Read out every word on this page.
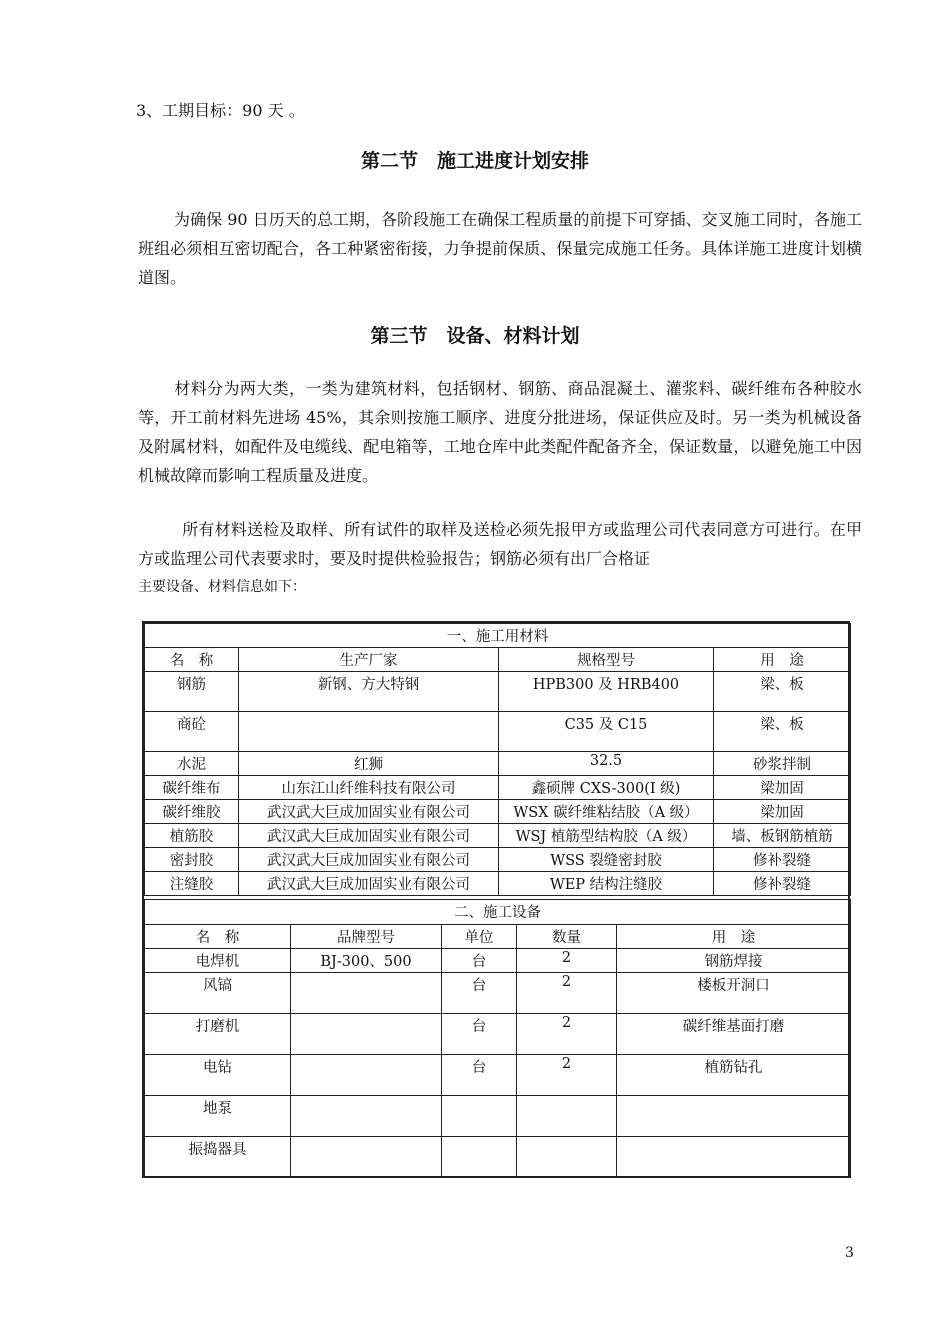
3、工期目标：90 天 。
第二节　施工进度计划安排
为确保 90 日历天的总工期，各阶段施工在确保工程质量的前提下可穿插、交叉施工同时，各施工班组必须相互密切配合，各工种紧密衔接，力争提前保质、保量完成施工任务。具体详施工进度计划横道图。
第三节　设备、材料计划
材料分为两大类，一类为建筑材料，包括钢材、钢筋、商品混凝土、灌浆料、碳纤维布各种胶水等，开工前材料先进场 45%，其余则按施工顺序、进度分批进场，保证供应及时。另一类为机械设备及附属材料，如配件及电缆线、配电箱等，工地仓库中此类配件配备齐全，保证数量，以避免施工中因机械故障而影响工程质量及进度。
所有材料送检及取样、所有试件的取样及送检必须先报甲方或监理公司代表同意方可进行。在甲方或监理公司代表要求时，要及时提供检验报告；钢筋必须有出厂合格证
主要设备、材料信息如下：
一、施工用材料			
名　称	生产厂家	规格型号	用　途
钢筋	新钢、方大特钢	HPB300 及 HRB400	梁、板
商砼		C35 及 C15	梁、板
水泥	红狮	32.5	砂浆拌制
碳纤维布	山东江山纤维科技有限公司	鑫硕牌 CXS-300(I 级)	梁加固
碳纤维胶	武汉武大巨成加固实业有限公司	WSX 碳纤维粘结胶（A 级）	梁加固
植筋胶	武汉武大巨成加固实业有限公司	WSJ 植筋型结构胶（A 级）	墙、板钢筋植筋
密封胶	武汉武大巨成加固实业有限公司	WSS 裂缝密封胶	修补裂缝
注缝胶	武汉武大巨成加固实业有限公司	WEP 结构注缝胶	修补裂缝
二、施工设备				
名　称	品牌型号	单位	数量	用　途
电焊机	BJ-300、500	台	2	钢筋焊接
风镐		台	2	楼板开洞口
打磨机		台	2	碳纤维基面打磨
电钻		台	2	植筋钻孔
地泵				
振捣器具				
3
